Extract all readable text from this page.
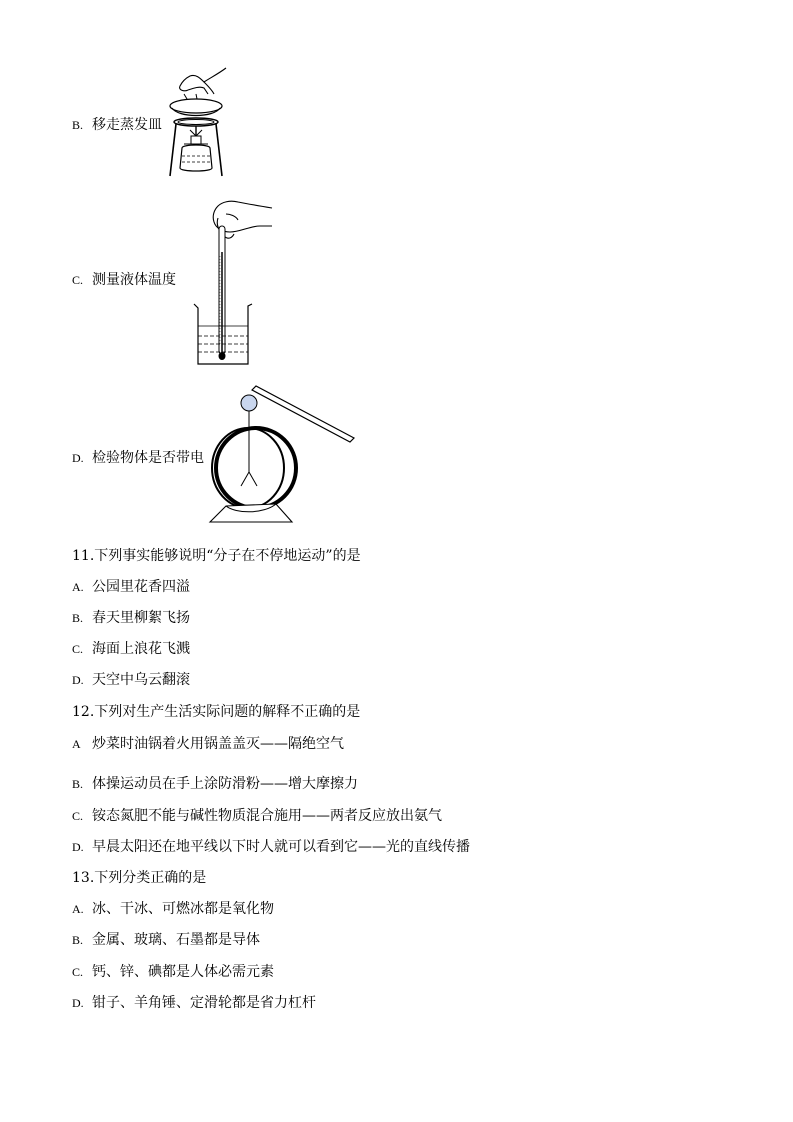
B. 移走蒸发皿
C. 测量液体温度
D. 检验物体是否带电
11.下列事实能够说明“分子在不停地运动”的是
A. 公园里花香四溢
B. 春天里柳絮飞扬
C. 海面上浪花飞溅
D. 天空中乌云翻滚
12.下列对生产生活实际问题的解释不正确的是
A 炒菜时油锅着火用锅盖盖灭——隔绝空气
B. 体操运动员在手上涂防滑粉——增大摩擦力
C. 铵态氮肥不能与碱性物质混合施用——两者反应放出氨气
D. 早晨太阳还在地平线以下时人就可以看到它——光的直线传播
13.下列分类正确的是
A. 冰、干冰、可燃冰都是氧化物
B. 金属、玻璃、石墨都是导体
C. 钙、锌、碘都是人体必需元素
D. 钳子、羊角锤、定滑轮都是省力杠杆
